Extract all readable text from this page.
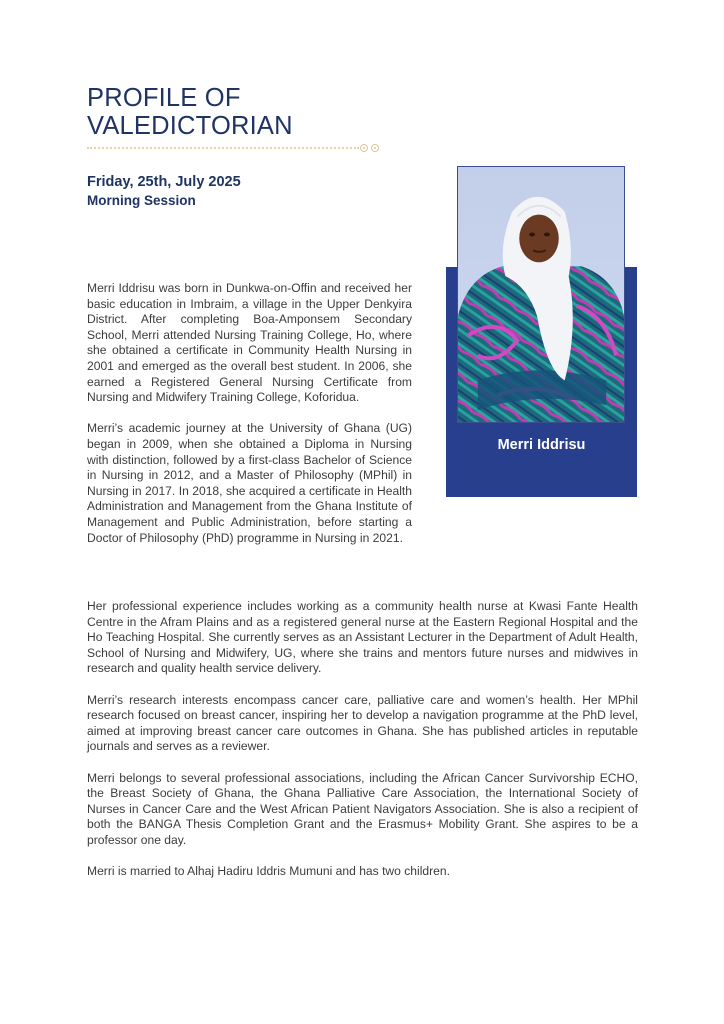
PROFILE OF
VALEDICTORIAN

Friday, 25th, July 2025

Morning Session

Merri Iddrisu was born in Dunkwa-on-Offin and received her basic education in Imbraim, a village in the Upper Denkyira District. After completing Boa-Amponsem Secondary School, Merri attended Nursing Training College, Ho, where she obtained a certificate in Community Health Nursing in 2001 and emerged as the overall best student. In 2006, she earned a Registered General Nursing Certificate from Nursing and Midwifery Training College, Koforidua.

Merri’s academic journey at the University of Ghana (UG) began in 2009, when she obtained a Diploma in Nursing with distinction, followed by a first-class Bachelor of Science in Nursing in 2012, and a Master of Philosophy (MPhil) in Nursing in 2017. In 2018, she acquired a certificate in Health Administration and Management from the Ghana Institute of Management and Public Administration, before starting a Doctor of Philosophy (PhD) programme in Nursing in 2021.

Merri Iddrisu

Her professional experience includes working as a community health nurse at Kwasi Fante Health Centre in the Afram Plains and as a registered general nurse at the Eastern Regional Hospital and the Ho Teaching Hospital. She currently serves as an Assistant Lecturer in the Department of Adult Health, School of Nursing and Midwifery, UG, where she trains and mentors future nurses and midwives in research and quality health service delivery.

Merri’s research interests encompass cancer care, palliative care and women’s health. Her MPhil research focused on breast cancer, inspiring her to develop a navigation programme at the PhD level, aimed at improving breast cancer care outcomes in Ghana. She has published articles in reputable journals and serves as a reviewer.

Merri belongs to several professional associations, including the African Cancer Survivorship ECHO, the Breast Society of Ghana, the Ghana Palliative Care Association, the International Society of Nurses in Cancer Care and the West African Patient Navigators Association. She is also a recipient of both the BANGA Thesis Completion Grant and the Erasmus+ Mobility Grant. She aspires to be a professor one day.

Merri is married to Alhaj Hadiru Iddris Mumuni and has two children.
